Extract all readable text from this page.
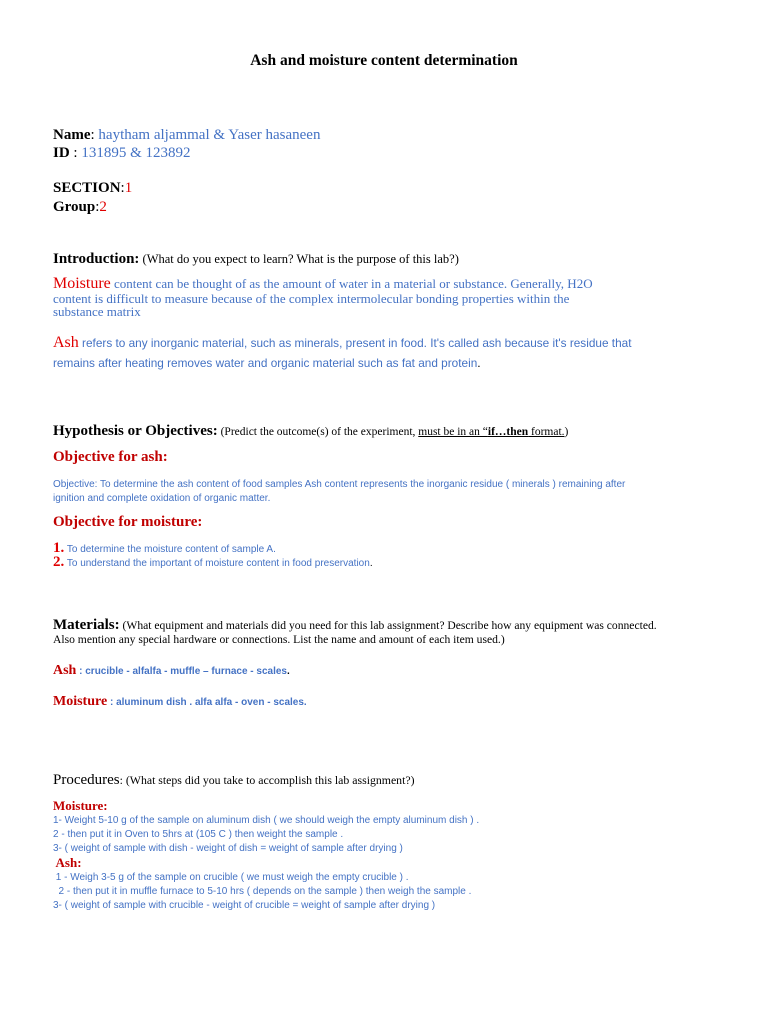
Ash and moisture content determination
Name: haytham aljammal & Yaser hasaneen
ID : 131895 & 123892
SECTION:1
Group:2
Introduction: (What do you expect to learn? What is the purpose of this lab?)
Moisture content can be thought of as the amount of water in a material or substance. Generally, H2O
content is difficult to measure because of the complex intermolecular bonding properties within the
substance matrix
Ash refers to any inorganic material, such as minerals, present in food. It's called ash because it's residue that
remains after heating removes water and organic material such as fat and protein.
Hypothesis or Objectives: (Predict the outcome(s) of the experiment, must be in an “if…then format.)
Objective for ash:
Objective: To determine the ash content of food samples Ash content represents the inorganic residue ( minerals ) remaining after
ignition and complete oxidation of organic matter.
Objective for moisture:
1. To determine the moisture content of sample A.
2. To understand the important of moisture content in food preservation.
Materials: (What equipment and materials did you need for this lab assignment? Describe how any equipment was connected.
Also mention any special hardware or connections. List the name and amount of each item used.)
Ash : crucible - alfalfa - muffle – furnace - scales.
Moisture : aluminum dish . alfa alfa - oven - scales.
Procedures: (What steps did you take to accomplish this lab assignment?)
Moisture:
1- Weight 5-10 g of the sample on aluminum dish ( we should weigh the empty aluminum dish ) .
2 - then put it in Oven to 5hrs at (105 C ) then weight the sample .
3- ( weight of sample with dish - weight of dish = weight of sample after drying )
Ash:
1 - Weigh 3-5 g of the sample on crucible ( we must weigh the empty crucible ) .
2 - then put it in muffle furnace to 5-10 hrs ( depends on the sample ) then weigh the sample .
3- ( weight of sample with crucible - weight of crucible = weight of sample after drying )
